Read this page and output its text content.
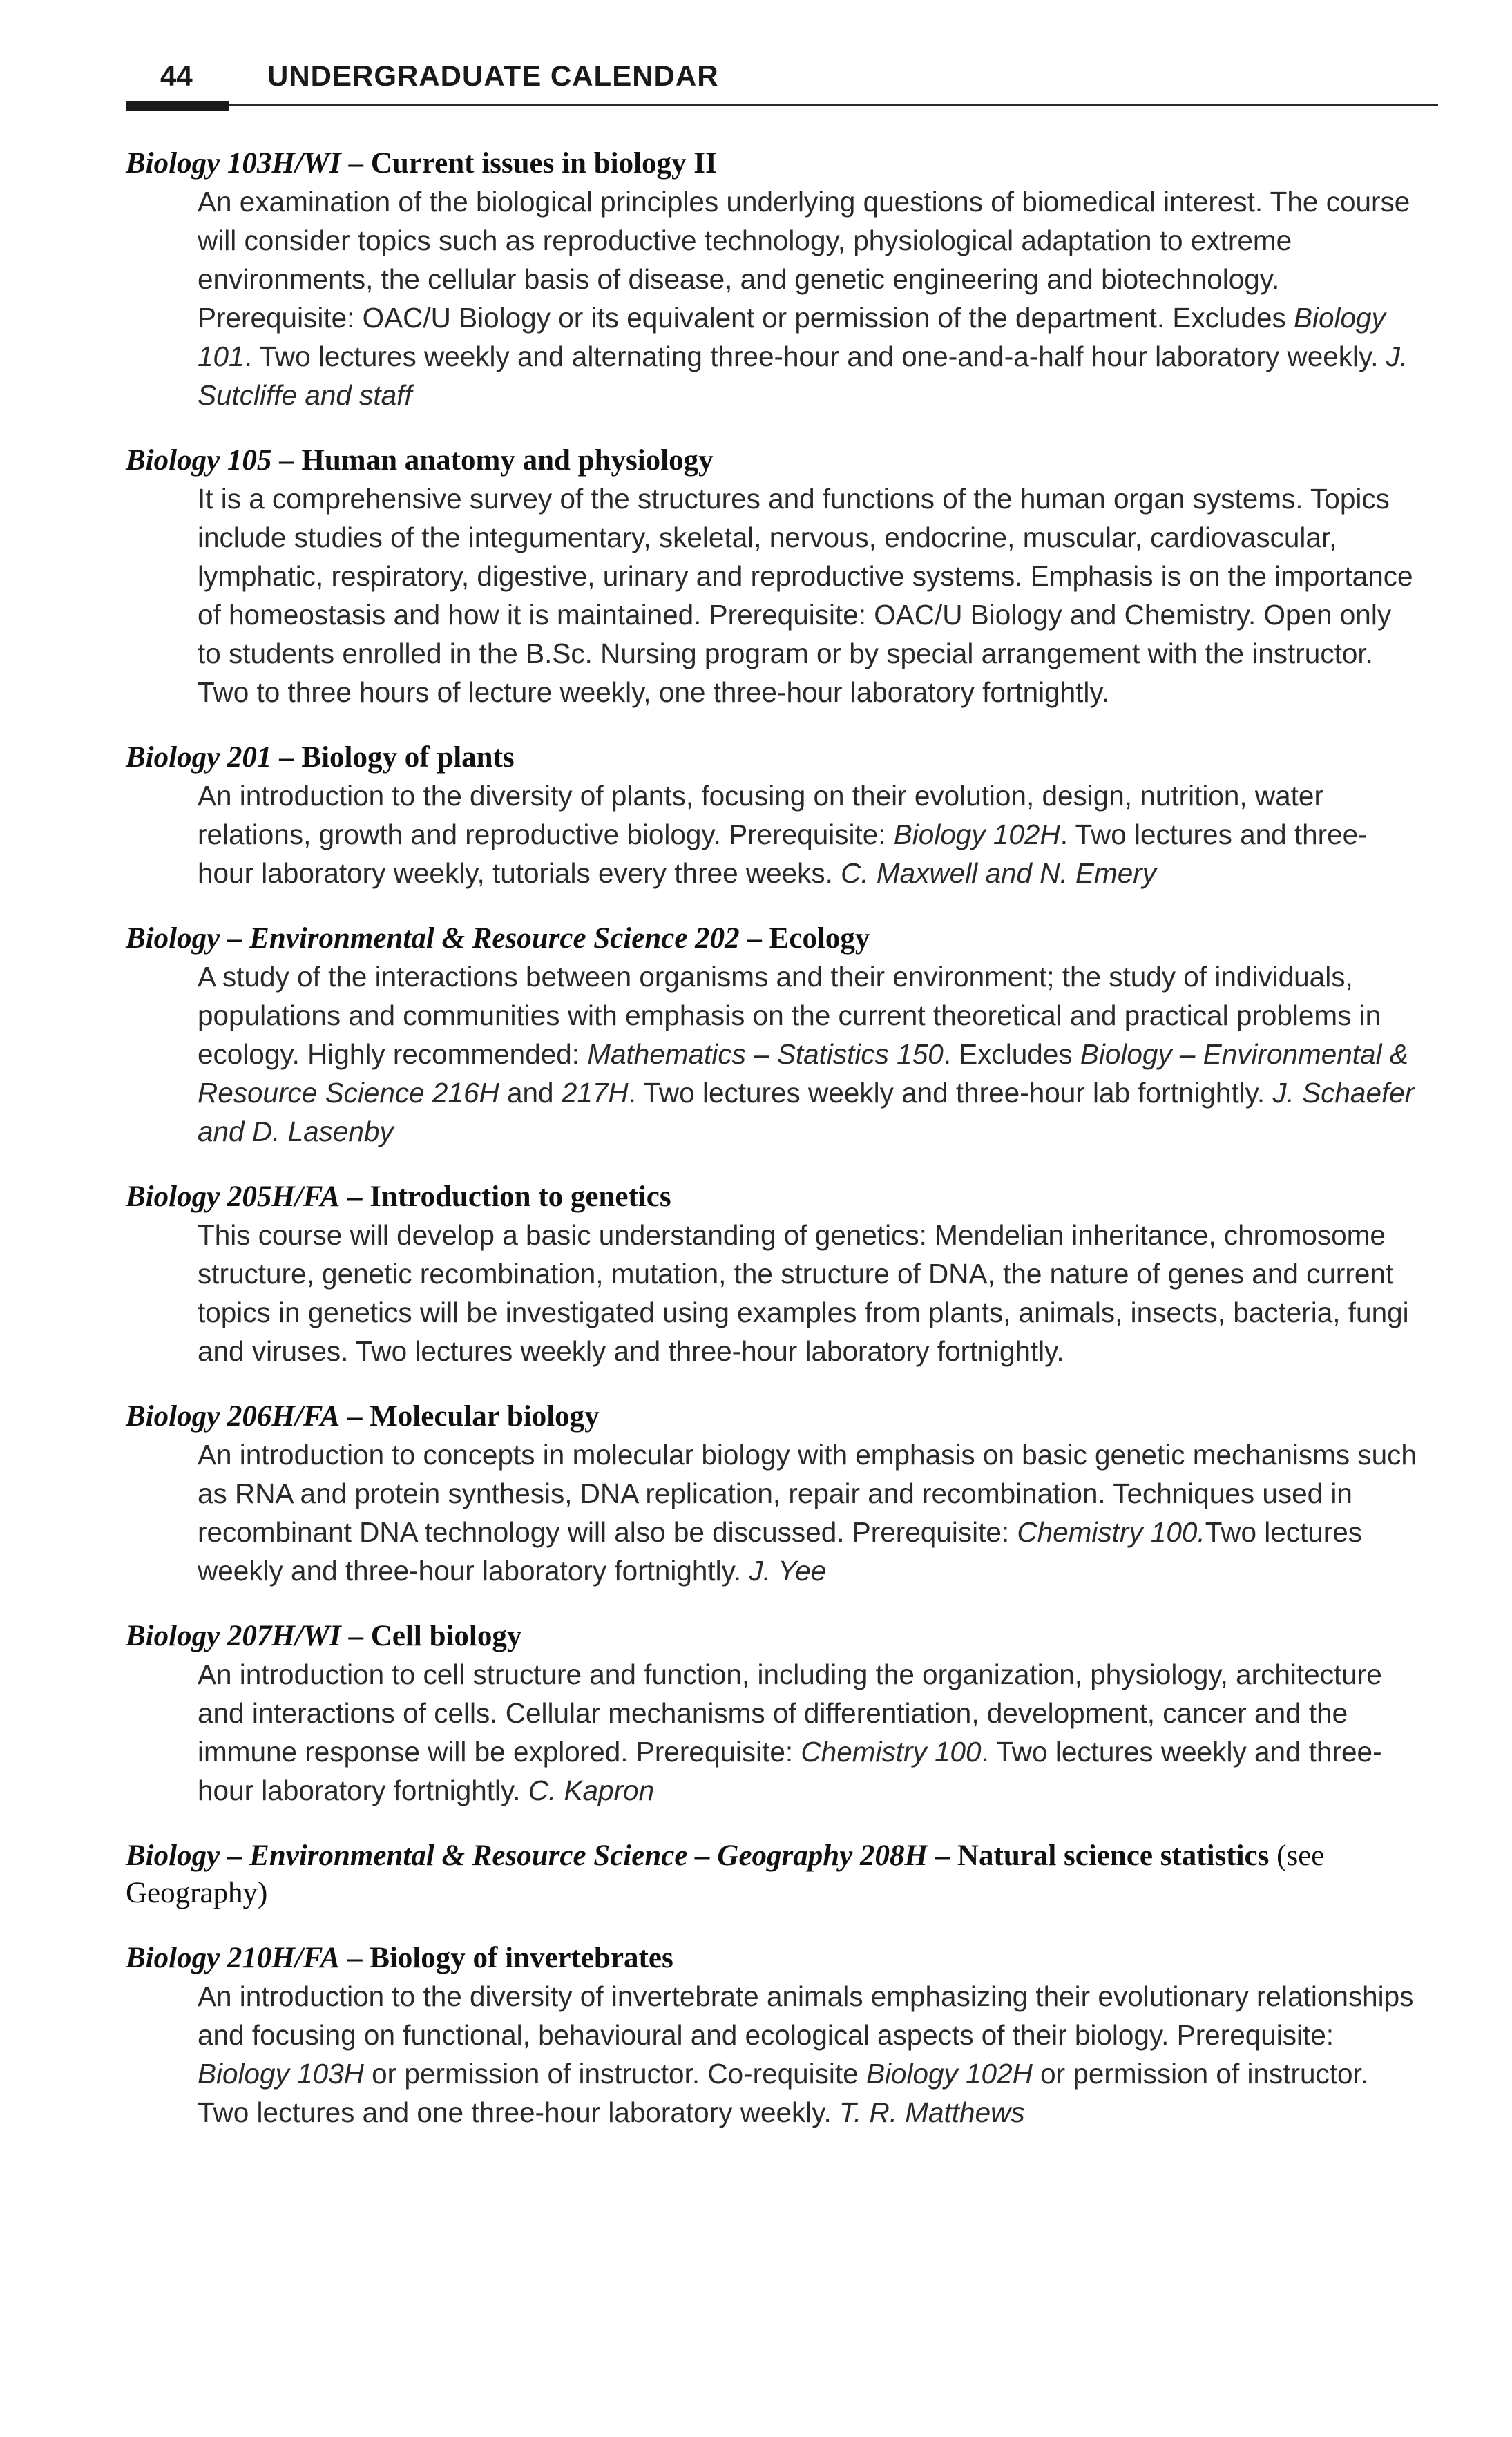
44	UNDERGRADUATE CALENDAR
Biology 103H/WI – Current issues in biology II
An examination of the biological principles underlying questions of biomedical interest. The course will consider topics such as reproductive technology, physiological adaptation to extreme environments, the cellular basis of disease, and genetic engineering and biotechnology. Prerequisite: OAC/U Biology or its equivalent or permission of the department. Excludes Biology 101. Two lectures weekly and alternating three-hour and one-and-a-half hour laboratory weekly. J. Sutcliffe and staff
Biology 105 – Human anatomy and physiology
It is a comprehensive survey of the structures and functions of the human organ systems. Topics include studies of the integumentary, skeletal, nervous, endocrine, muscular, cardiovascular, lymphatic, respiratory, digestive, urinary and reproductive systems. Emphasis is on the importance of homeostasis and how it is maintained. Prerequisite: OAC/U Biology and Chemistry. Open only to students enrolled in the B.Sc. Nursing program or by special arrangement with the instructor. Two to three hours of lecture weekly, one three-hour laboratory fortnightly.
Biology 201 – Biology of plants
An introduction to the diversity of plants, focusing on their evolution, design, nutrition, water relations, growth and reproductive biology. Prerequisite: Biology 102H. Two lectures and three-hour laboratory weekly, tutorials every three weeks. C. Maxwell and N. Emery
Biology – Environmental & Resource Science 202 – Ecology
A study of the interactions between organisms and their environment; the study of individuals, populations and communities with emphasis on the current theoretical and practical problems in ecology. Highly recommended: Mathematics – Statistics 150. Excludes Biology – Environmental & Resource Science 216H and 217H. Two lectures weekly and three-hour lab fortnightly. J. Schaefer and D. Lasenby
Biology 205H/FA – Introduction to genetics
This course will develop a basic understanding of genetics: Mendelian inheritance, chromosome structure, genetic recombination, mutation, the structure of DNA, the nature of genes and current topics in genetics will be investigated using examples from plants, animals, insects, bacteria, fungi and viruses. Two lectures weekly and three-hour laboratory fortnightly.
Biology 206H/FA – Molecular biology
An introduction to concepts in molecular biology with emphasis on basic genetic mechanisms such as RNA and protein synthesis, DNA replication, repair and recombination. Techniques used in recombinant DNA technology will also be discussed. Prerequisite: Chemistry 100.Two lectures weekly and three-hour laboratory fortnightly. J. Yee
Biology 207H/WI – Cell biology
An introduction to cell structure and function, including the organization, physiology, architecture and interactions of cells. Cellular mechanisms of differentiation, development, cancer and the immune response will be explored. Prerequisite: Chemistry 100. Two lectures weekly and three-hour laboratory fortnightly. C. Kapron
Biology – Environmental & Resource Science – Geography 208H – Natural science statistics (see Geography)
Biology 210H/FA – Biology of invertebrates
An introduction to the diversity of invertebrate animals emphasizing their evolutionary relationships and focusing on functional, behavioural and ecological aspects of their biology. Prerequisite: Biology 103H or permission of instructor. Co-requisite Biology 102H or permission of instructor. Two lectures and one three-hour laboratory weekly. T. R. Matthews
